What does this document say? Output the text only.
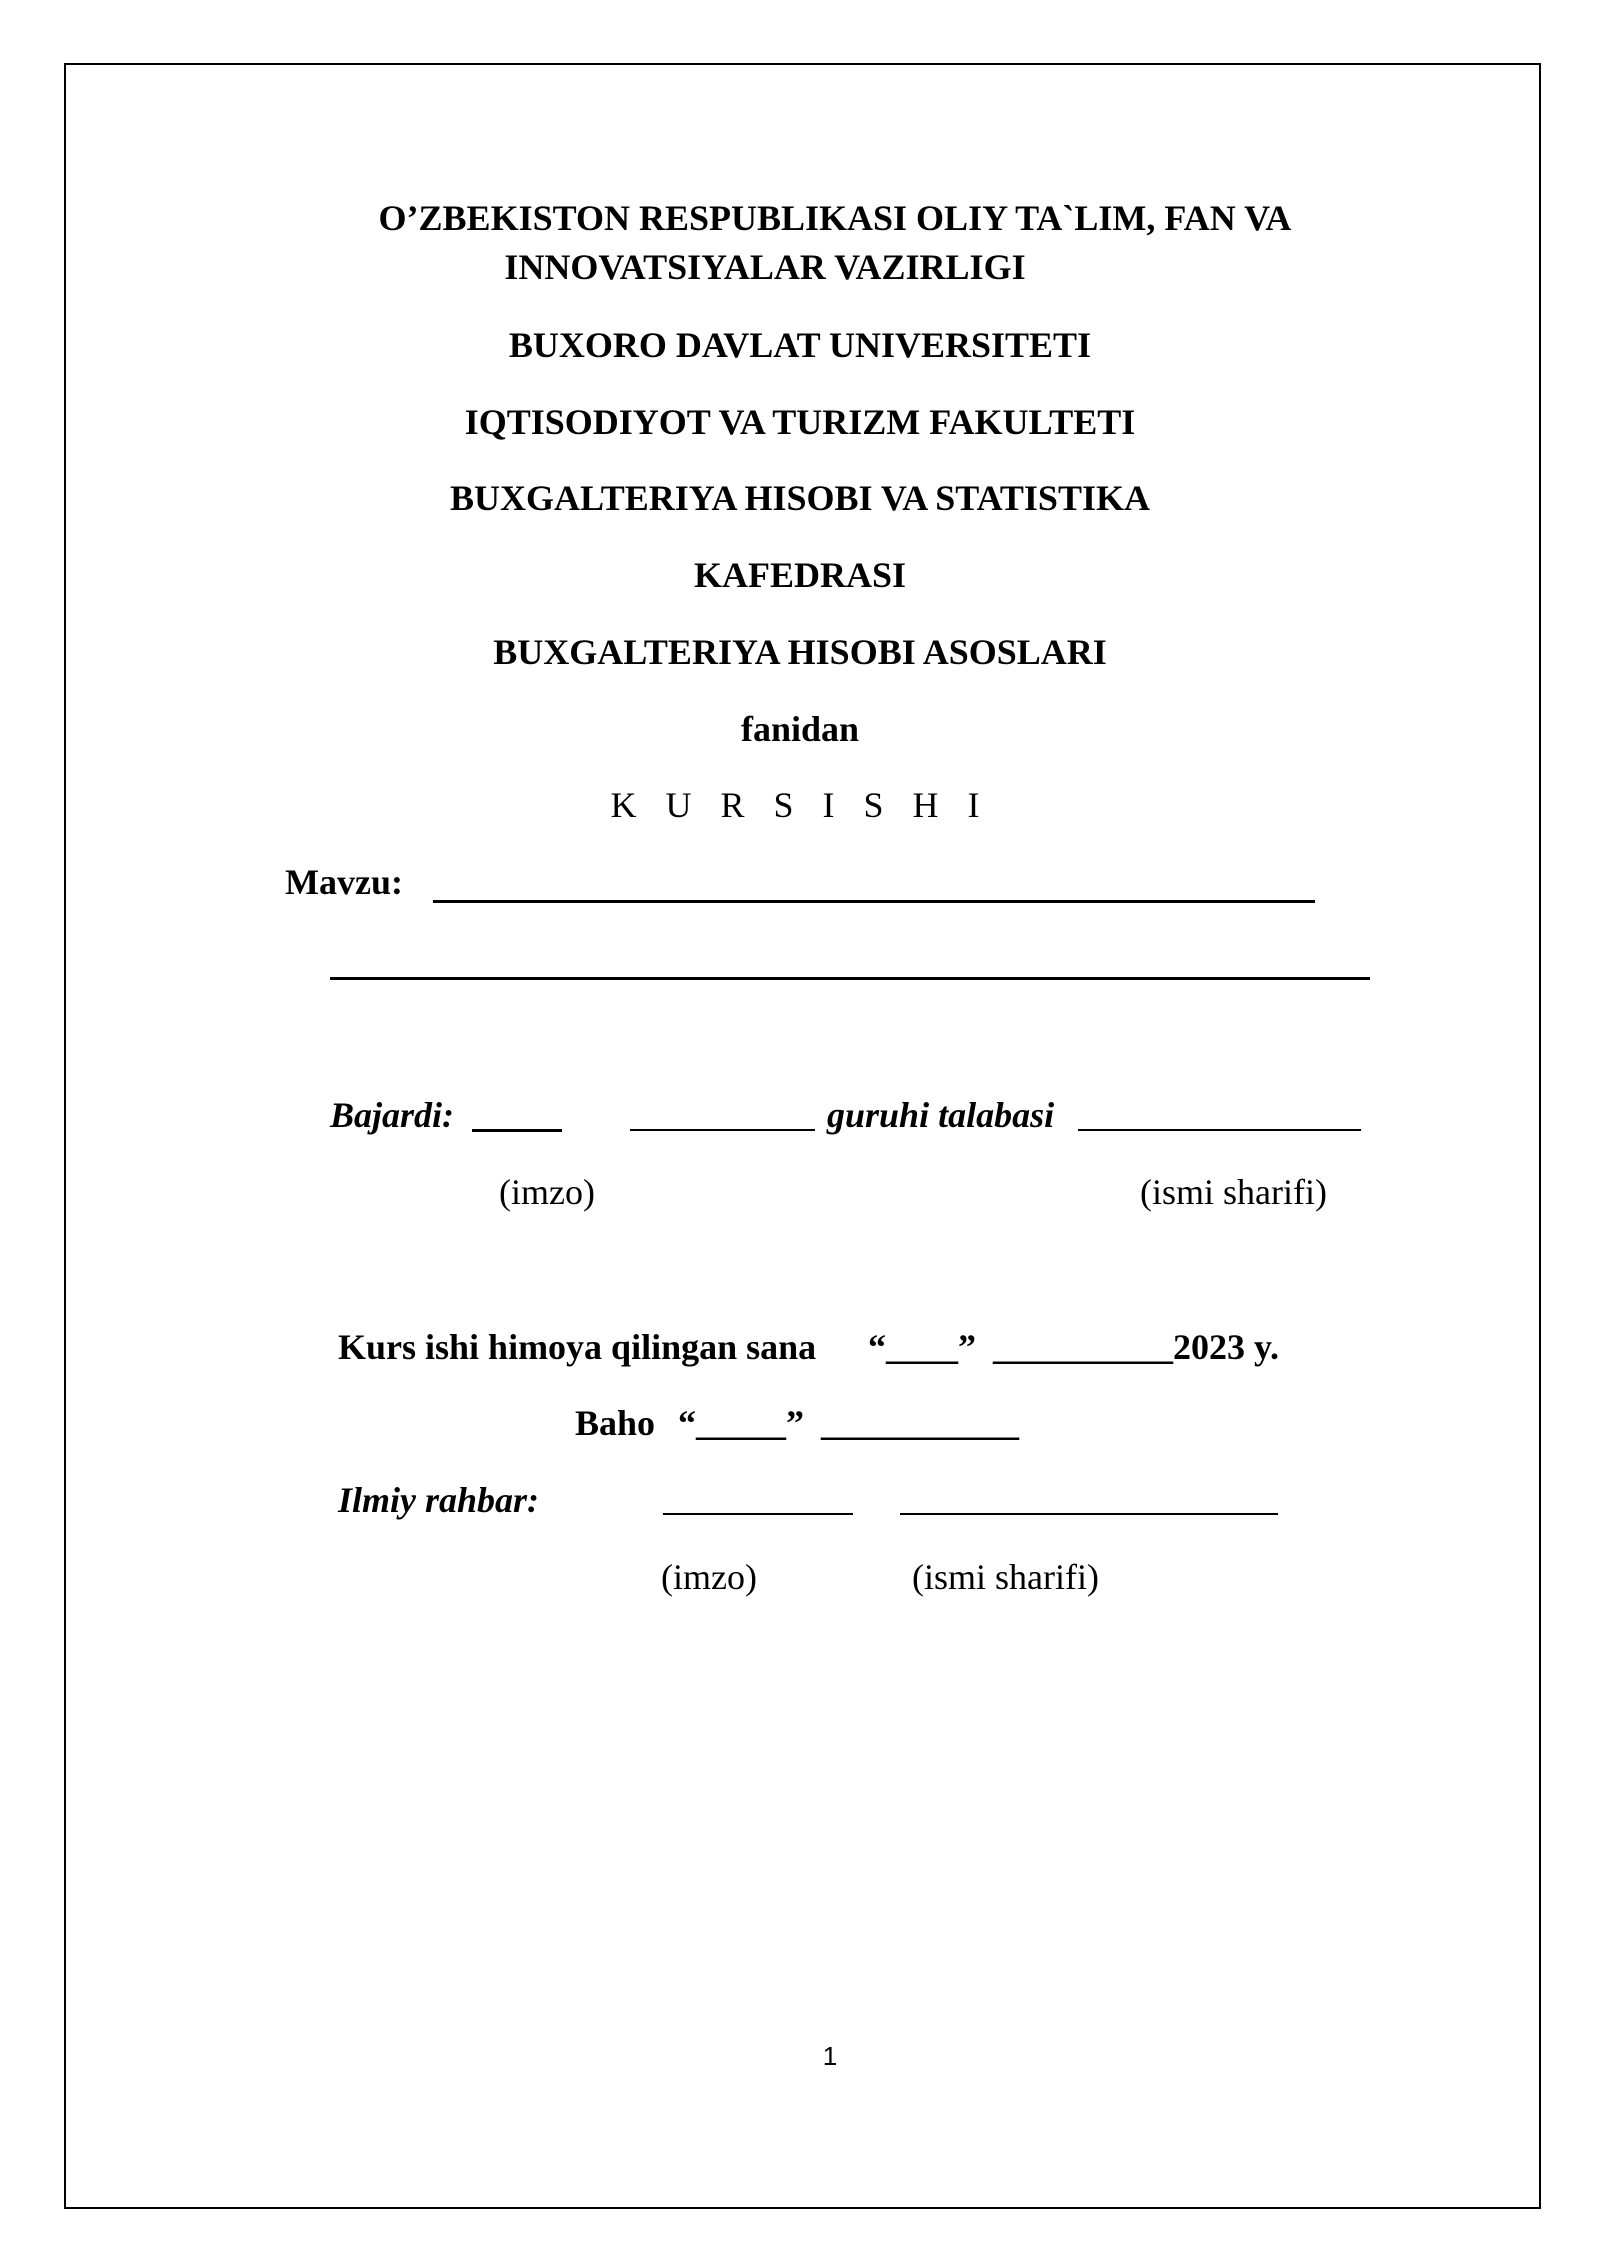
O’ZBEKISTON RESPUBLIKASI OLIY TA`LIM, FAN VA
INNOVATSIYALAR VAZIRLIGI
BUXORO DAVLAT UNIVERSITETI
IQTISODIYOT VA TURIZM FAKULTETI
BUXGALTERIYA HISOBI VA STATISTIKA
KAFEDRASI
BUXGALTERIYA HISOBI ASOSLARI
fanidan
K U R S I S H I
Mavzu:
Bajardi:	guruhi talabasi
(imzo)	(ismi sharifi)
Kurs ishi himoya qilingan sana “____” __________2023 y.
Baho “_____” ___________
Ilmiy rahbar:
(imzo)	(ismi sharifi)
1
